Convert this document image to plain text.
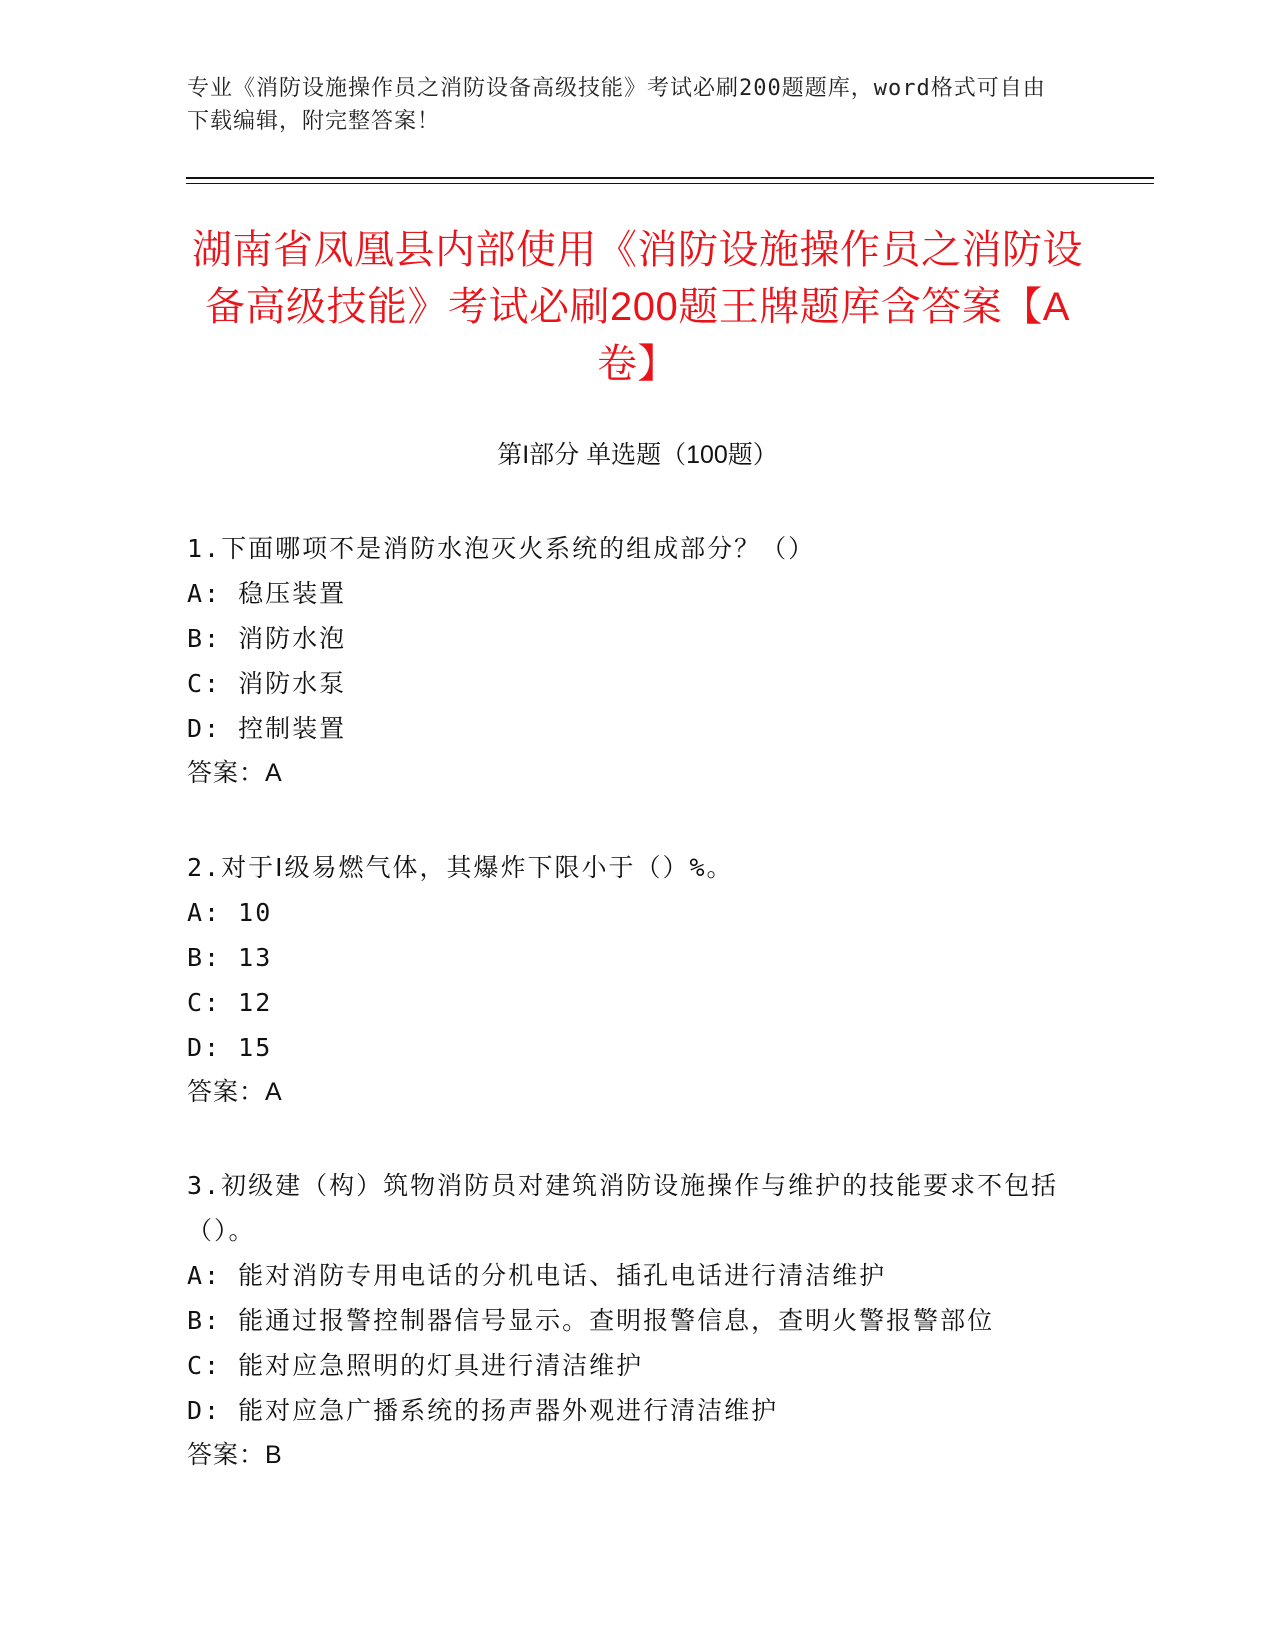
专业《消防设施操作员之消防设备高级技能》考试必刷200题题库，word格式可自由下载编辑，附完整答案！
湖南省凤凰县内部使用《消防设施操作员之消防设备高级技能》考试必刷200题王牌题库含答案【A卷】
第I部分 单选题（100题）
1.下面哪项不是消防水泡灭火系统的组成部分？（）
A: 稳压装置
B: 消防水泡
C: 消防水泵
D: 控制装置
答案：A
2.对于Ⅰ级易燃气体，其爆炸下限小于（）%。
A: 10
B: 13
C: 12
D: 15
答案：A
3.初级建（构）筑物消防员对建筑消防设施操作与维护的技能要求不包括（）。
A: 能对消防专用电话的分机电话、插孔电话进行清洁维护
B: 能通过报警控制器信号显示。查明报警信息，查明火警报警部位
C: 能对应急照明的灯具进行清洁维护
D: 能对应急广播系统的扬声器外观进行清洁维护
答案：B
